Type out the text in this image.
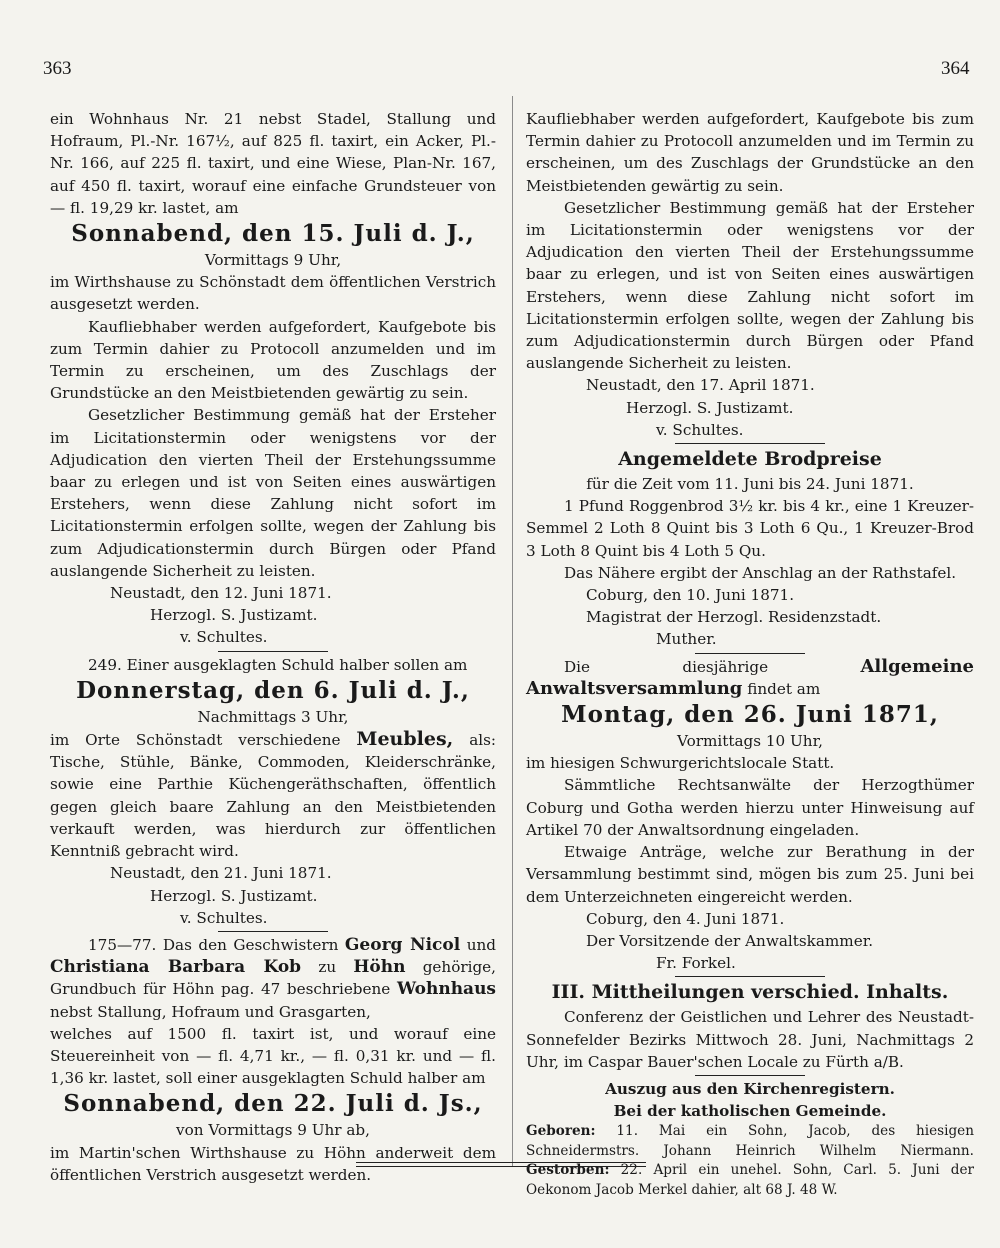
363	364

ein Wohnhaus Nr. 21 nebst Stadel, Stallung und Hofraum, Pl.-Nr. 167½, auf 825 fl. taxirt, ein Acker, Pl.-Nr. 166, auf 225 fl. taxirt, und eine Wiese, Plan-Nr. 167, auf 450 fl. taxirt, worauf eine einfache Grundsteuer von — fl. 19,29 kr. lastet, am

Sonnabend, den 15. Juli d. J.,

Vormittags 9 Uhr,

im Wirthshause zu Schönstadt dem öffentlichen Verstrich ausgesetzt werden.

Kaufliebhaber werden aufgefordert, Kaufgebote bis zum Termin dahier zu Protocoll anzumelden und im Termin zu erscheinen, um des Zuschlags der Grundstücke an den Meistbietenden gewärtig zu sein.

Gesetzlicher Bestimmung gemäß hat der Ersteher im Licitationstermin oder wenigstens vor der Adjudication den vierten Theil der Erstehungssumme baar zu erlegen und ist von Seiten eines auswärtigen Erstehers, wenn diese Zahlung nicht sofort im Licitationstermin erfolgen sollte, wegen der Zahlung bis zum Adjudicationstermin durch Bürgen oder Pfand auslangende Sicherheit zu leisten.

Neustadt, den 12. Juni 1871.

Herzogl. S. Justizamt.

v. Schultes.

249. Einer ausgeklagten Schuld halber sollen am

Donnerstag, den 6. Juli d. J.,

Nachmittags 3 Uhr,

im Orte Schönstadt verschiedene Meubles, als: Tische, Stühle, Bänke, Commoden, Kleiderschränke, sowie eine Parthie Küchengeräthschaften, öffentlich gegen gleich baare Zahlung an den Meistbietenden verkauft werden, was hierdurch zur öffentlichen Kenntniß gebracht wird.

Neustadt, den 21. Juni 1871.

Herzogl. S. Justizamt.

v. Schultes.

175—77. Das den Geschwistern Georg Nicol und Christiana Barbara Kob zu Höhn gehörige, Grundbuch für Höhn pag. 47 beschriebene Wohnhaus nebst Stallung, Hofraum und Grasgarten,

welches auf 1500 fl. taxirt ist, und worauf eine Steuereinheit von — fl. 4,71 kr., — fl. 0,31 kr. und — fl. 1,36 kr. lastet, soll einer ausgeklagten Schuld halber am

Sonnabend, den 22. Juli d. Js.,

von Vormittags 9 Uhr ab,

im Martin'schen Wirthshause zu Höhn anderweit dem öffentlichen Verstrich ausgesetzt werden.

Kaufliebhaber werden aufgefordert, Kaufgebote bis zum Termin dahier zu Protocoll anzumelden und im Termin zu erscheinen, um des Zuschlags der Grundstücke an den Meistbietenden gewärtig zu sein.

Gesetzlicher Bestimmung gemäß hat der Ersteher im Licitationstermin oder wenigstens vor der Adjudication den vierten Theil der Erstehungssumme baar zu erlegen, und ist von Seiten eines auswärtigen Erstehers, wenn diese Zahlung nicht sofort im Licitationstermin erfolgen sollte, wegen der Zahlung bis zum Adjudicationstermin durch Bürgen oder Pfand auslangende Sicherheit zu leisten.

Neustadt, den 17. April 1871.

Herzogl. S. Justizamt.

v. Schultes.

Angemeldete Brodpreise

für die Zeit vom 11. Juni bis 24. Juni 1871.

1 Pfund Roggenbrod 3½ kr. bis 4 kr., eine 1 Kreuzer-Semmel 2 Loth 8 Quint bis 3 Loth 6 Qu., 1 Kreuzer-Brod 3 Loth 8 Quint bis 4 Loth 5 Qu.

Das Nähere ergibt der Anschlag an der Rathstafel.

Coburg, den 10. Juni 1871.

Magistrat der Herzogl. Residenzstadt.

Muther.

Die diesjährige	Allgemeine Anwaltsversammlung findet am

Montag, den 26. Juni 1871,

Vormittags 10 Uhr,

im hiesigen Schwurgerichtslocale Statt.

Sämmtliche Rechtsanwälte der Herzogthümer Coburg und Gotha werden hierzu unter Hinweisung auf Artikel 70 der Anwaltsordnung eingeladen.

Etwaige Anträge, welche zur Berathung in der Versammlung bestimmt sind, mögen bis zum 25. Juni bei dem Unterzeichneten eingereicht werden.

Coburg, den 4. Juni 1871.

Der Vorsitzende der Anwaltskammer.

Fr. Forkel.

III. Mittheilungen verschied. Inhalts.

Conferenz der Geistlichen und Lehrer des Neustadt-Sonnefelder Bezirks Mittwoch 28. Juni, Nachmittags 2 Uhr, im Caspar Bauer'schen Locale zu Fürth a/B.

Auszug aus den Kirchenregistern.

Bei der katholischen Gemeinde.

Geboren: 11. Mai ein Sohn, Jacob, des hiesigen Schneidermstrs. Johann Heinrich Wilhelm Niermann. Gestorben: 22. April ein unehel. Sohn, Carl. 5. Juni der Oekonom Jacob Merkel dahier, alt 68 J. 48 W.
